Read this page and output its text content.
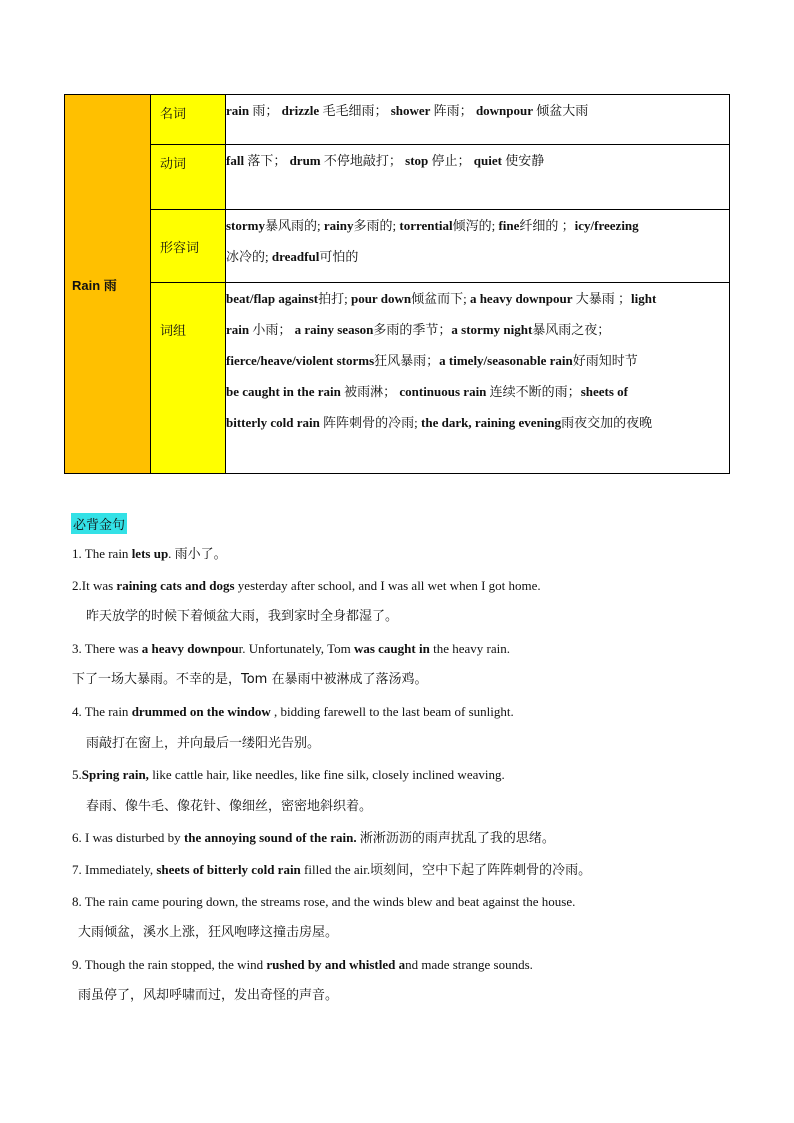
Rain 雨	名词	rain 雨； drizzle 毛毛细雨； shower 阵雨； downpour 倾盆大雨

	动词	fall 落下； drum 不停地敲打； stop 停止； quiet 使安静

	形容词	stormy暴风雨的; rainy多雨的; torrential倾泻的; fine纤细的 ；icy/freezing
冰冷的; dreadful可怕的

	词组	beat/flap against拍打; pour down倾盆而下; a heavy downpour 大暴雨 ；light
rain 小雨； a rainy season多雨的季节；a stormy night暴风雨之夜；
fierce/heave/violent storms狂风暴雨；a timely/seasonable rain好雨知时节
be caught in the rain 被雨淋； continuous rain 连续不断的雨；sheets of
bitterly cold rain 阵阵刺骨的冷雨; the dark, raining evening雨夜交加的夜晚
必背金句
1. The rain lets up. 雨小了。
2.It was raining cats and dogs yesterday after school, and I was all wet when I got home.
昨天放学的时候下着倾盆大雨，我到家时全身都湿了。
3. There was a heavy downpour. Unfortunately, Tom was caught in the heavy rain.
下了一场大暴雨。不幸的是，Tom 在暴雨中被淋成了落汤鸡。
4. The rain drummed on the window , bidding farewell to the last beam of sunlight.
雨敲打在窗上，并向最后一缕阳光告别。
5.Spring rain, like cattle hair, like needles, like fine silk, closely inclined weaving.
春雨、像牛毛、像花针、像细丝，密密地斜织着。
6. I was disturbed by the annoying sound of the rain. 淅淅沥沥的雨声扰乱了我的思绪。
7. Immediately, sheets of bitterly cold rain filled the air.顷刻间，空中下起了阵阵刺骨的冷雨。
8. The rain came pouring down, the streams rose, and the winds blew and beat against the house.
大雨倾盆，溪水上涨，狂风咆哮这撞击房屋。
9. Though the rain stopped, the wind rushed by and whistled and made strange sounds.
雨虽停了，风却呼啸而过，发出奇怪的声音。
